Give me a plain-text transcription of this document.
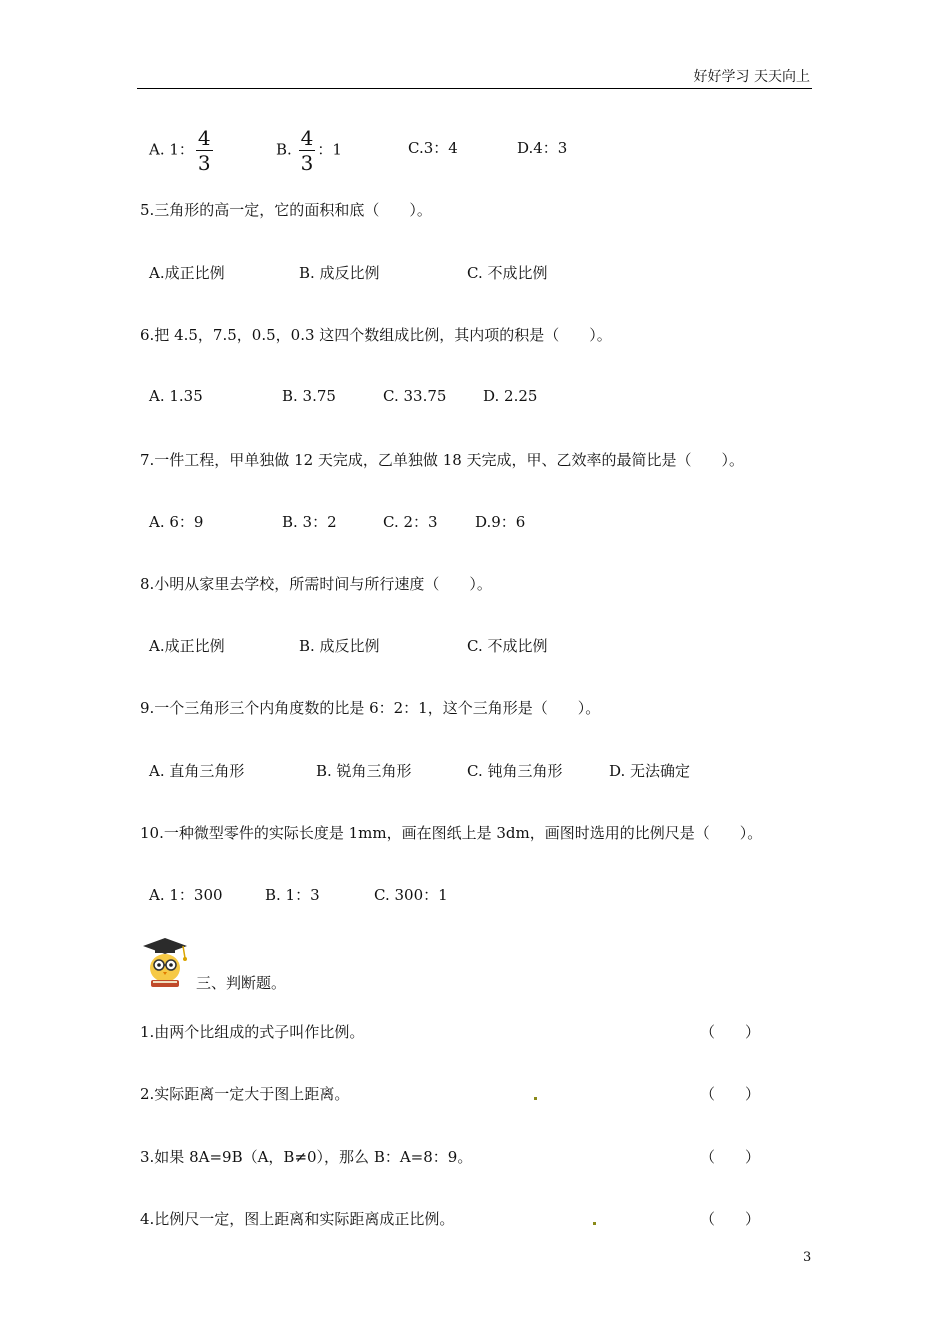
好好学习 天天向上
A. 1： $\frac{4}{3}$	B. $\frac{4}{3}$ ：1	C.3：4	D.4：3
5.三角形的高一定，它的面积和底（　　）。
A.成正比例	B. 成反比例	C. 不成比例
6.把 4.5，7.5，0.5，0.3 这四个数组成比例，其内项的积是（　　）。
A. 1.35	B. 3.75	C. 33.75 D. 2.25
7.一件工程，甲单独做 12 天完成，乙单独做 18 天完成，甲、乙效率的最简比是（　　）。
A. 6：9	B. 3：2	C. 2：3 D.9：6
8.小明从家里去学校，所需时间与所行速度（　　）。
A.成正比例	B. 成反比例	C. 不成比例
9.一个三角形三个内角度数的比是 6：2：1，这个三角形是（　　）。
A. 直角三角形	B. 锐角三角形	C. 钝角三角形	D. 无法确定
10.一种微型零件的实际长度是 1mm，画在图纸上是 3dm，画图时选用的比例尺是（　　）。
A. 1：300	B. 1：3	C. 300：1
三、判断题。
1.由两个比组成的式子叫作比例。	（　　）
2.实际距离一定大于图上距离。	（　　）
3.如果 8A=9B（A，B≠0），那么 B：A=8：9。	（　　）
4.比例尺一定，图上距离和实际距离成正比例。	（　　）
3
